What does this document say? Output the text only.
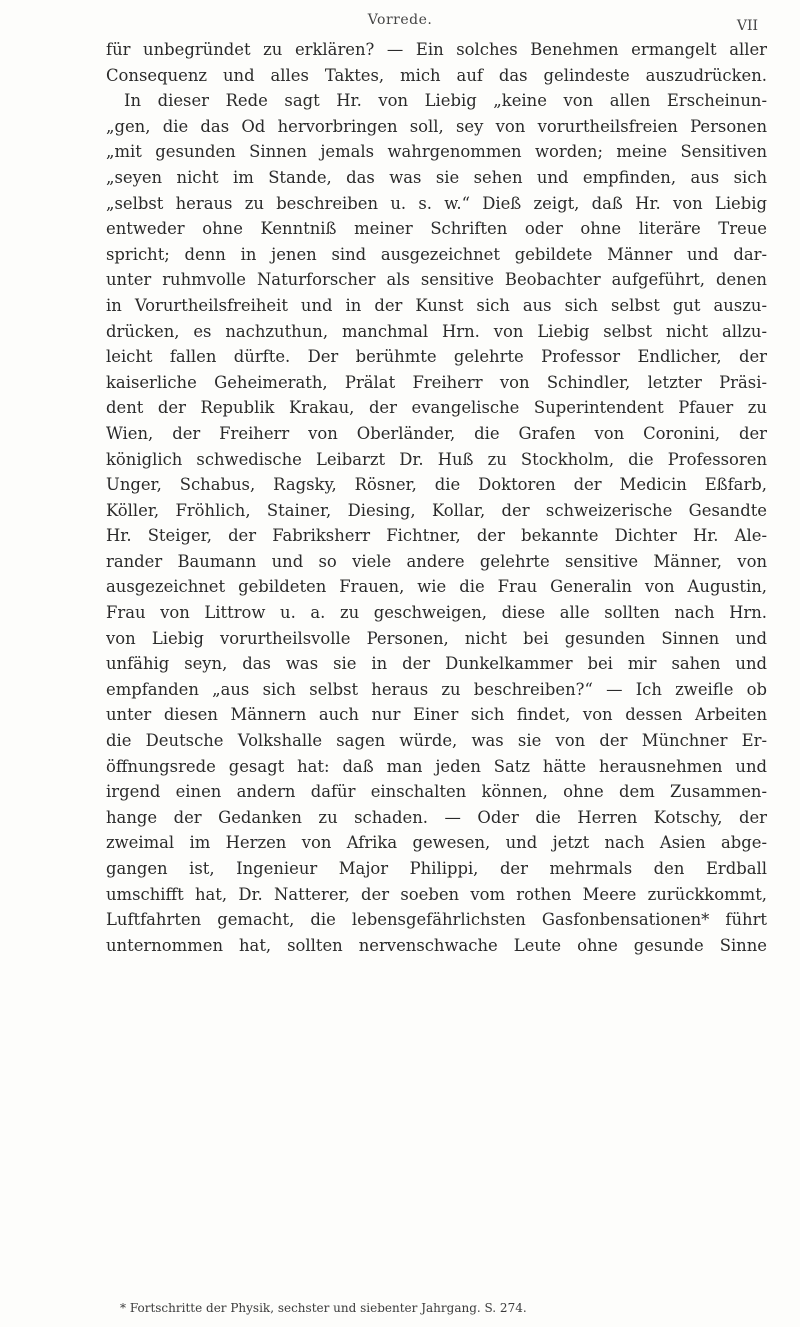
Vorrede.	VII
für unbegründet zu erklären? — Ein solches Benehmen ermangelt aller
Consequenz und alles Taktes, mich auf das gelindeste auszudrücken.
In dieser Rede sagt Hr. von Liebig „keine von allen Erscheinun-
„gen, die das Od hervorbringen soll, sey von vorurtheilsfreien Personen
„mit gesunden Sinnen jemals wahrgenommen worden; meine Sensitiven
„seyen nicht im Stande, das was sie sehen und empfinden, aus sich
„selbst heraus zu beschreiben u. s. w.“ Dieß zeigt, daß Hr. von Liebig
entweder ohne Kenntniß meiner Schriften oder ohne literäre Treue
spricht; denn in jenen sind ausgezeichnet gebildete Männer und dar-
unter ruhmvolle Naturforscher als sensitive Beobachter aufgeführt, denen
in Vorurtheilsfreiheit und in der Kunst sich aus sich selbst gut auszu-
drücken, es nachzuthun, manchmal Hrn. von Liebig selbst nicht allzu-
leicht fallen dürfte. Der berühmte gelehrte Professor Endlicher, der
kaiserliche Geheimerath, Prälat Freiherr von Schindler, letzter Präsi-
dent der Republik Krakau, der evangelische Superintendent Pfauer zu
Wien, der Freiherr von Oberländer, die Grafen von Coronini, der
königlich schwedische Leibarzt Dr. Huß zu Stockholm, die Professoren
Unger, Schabus, Ragsky, Rösner, die Doktoren der Medicin Eßfarb,
Köller, Fröhlich, Stainer, Diesing, Kollar, der schweizerische Gesandte
Hr. Steiger, der Fabriksherr Fichtner, der bekannte Dichter Hr. Ale-
rander Baumann und so viele andere gelehrte sensitive Männer, von
ausgezeichnet gebildeten Frauen, wie die Frau Generalin von Augustin,
Frau von Littrow u. a. zu geschweigen, diese alle sollten nach Hrn.
von Liebig vorurtheilsvolle Personen, nicht bei gesunden Sinnen und
unfähig seyn, das was sie in der Dunkelkammer bei mir sahen und
empfanden „aus sich selbst heraus zu beschreiben?“ — Ich zweifle ob
unter diesen Männern auch nur Einer sich findet, von dessen Arbeiten
die Deutsche Volkshalle sagen würde, was sie von der Münchner Er-
öffnungsrede gesagt hat: daß man jeden Satz hätte herausnehmen und
irgend einen andern dafür einschalten können, ohne dem Zusammen-
hange der Gedanken zu schaden. — Oder die Herren Kotschy, der
zweimal im Herzen von Afrika gewesen, und jetzt nach Asien abge-
gangen ist, Ingenieur Major Philippi, der mehrmals den Erdball
umschifft hat, Dr. Natterer, der soeben vom rothen Meere zurückkommt,
Luftfahrten gemacht, die lebensgefährlichsten Gasfonbensationen* führt
unternommen hat, sollten nervenschwache Leute ohne gesunde Sinne
* Fortschritte der Physik, sechster und siebenter Jahrgang. S. 274.
